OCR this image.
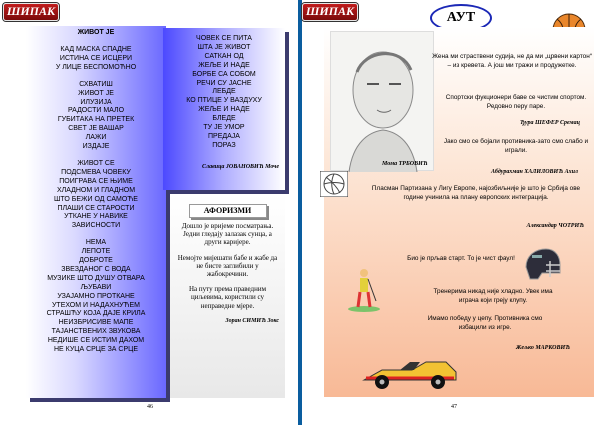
ШИПАК
ЖИВОТ ЈЕ
КАД МАСКА СПАДНЕ
ИСТИНА СЕ ИСЦЕРИ
У ЛИЦЕ БЕСПОМОЋНО
СХВАТИШ
ЖИВОТ ЈЕ
ИЛУЗИЈА
РАДОСТИ МАЛО
ГУБИТАКА НА ПРЕТЕК
СВЕТ ЈЕ ВАШАР
ЛАЖИ
ИЗДАЈЕ
ЖИВОТ СЕ
ПОДСМЕВА ЧОВЕКУ
ПОИГРАВА СЕ ЊИМЕ
ХЛАДНОМ И ГЛАДНОМ
ШТО БЕЖИ ОД САМОЋЕ
ПЛАШИ СЕ СТАРОСТИ
УТКАНЕ У НАВИКЕ
ЗАВИСНОСТИ
НЕМА
ЛЕПОТЕ
ДОБРОТЕ
ЗВЕЗДАНОГ С ВОДА
МУЗИКЕ ШТО ДУШУ ОТВАРА
ЉУБАВИ
УЗАЈАМНО ПРОТКАНЕ
УТЕХОМ И НАДАХНУЋЕМ
СТРАШЋУ КОЈА ДАЈЕ КРИЛА
НЕИЗБРИСИВЕ МАПЕ
ТАЈАНСТВЕНИХ ЗВУКОВА
НЕДИШЕ СЕ ИСТИМ ДАХОМ
НЕ КУЦА СРЦЕ ЗА СРЦЕ
ЧОВЕК СЕ ПИТА
ШТА ЈЕ ЖИВОТ
САТКАН ОД
ЖЕЉЕ И НАДЕ
БОРБЕ СА СОБОМ
РЕЧИ СУ ЈАСНЕ
ЛЕБДЕ
КО ПТИЦЕ У ВАЗДУХУ
ЖЕЉЕ И НАДЕ
БЛЕДЕ
ТУ ЈЕ УМОР
ПРЕДАЈА
ПОРАЗ
Славица ЈОВАНОВИЋ Моче
АФОРИЗМИ
Дошло је вријеме посматрања. Једни гледају залазак сунца, а други каријере.
Немојте мијешати бабе и жабе да не бисте заглибили у жабокречини.
На путу према праведним циљевима, користили су неправедне мјере.
Зоран СИМИЋ Зокс
46
ШИПАК	АУТ
Мома ТРБОВИЋ
Жена ми страствени судија, не да ми „црвени картон“ – из кревета. А још ми тражи и продужетке.
Спортски фукционери баве се чистим спортом. Редовно перу паре.
Ђура ШЕФЕР Сремац
Јако смо се бојали противника-зато смо слабо и играли.
Абдурахман ХАЛИЛОВИЋ Ахил
Пласман Партизана у Лигу Европе, најозбиљније је што је Србија ове године учинила на плану европских интеграција.
Александар ЧОТРИЋ
Био је прљав старт. То је чист фаул!
Тренерима никад није хладно. Увек има играча који греју клупу.
Имамо победу у цепу. Противника смо избацили из игре.
Жељко МАРКОВИЋ
47
